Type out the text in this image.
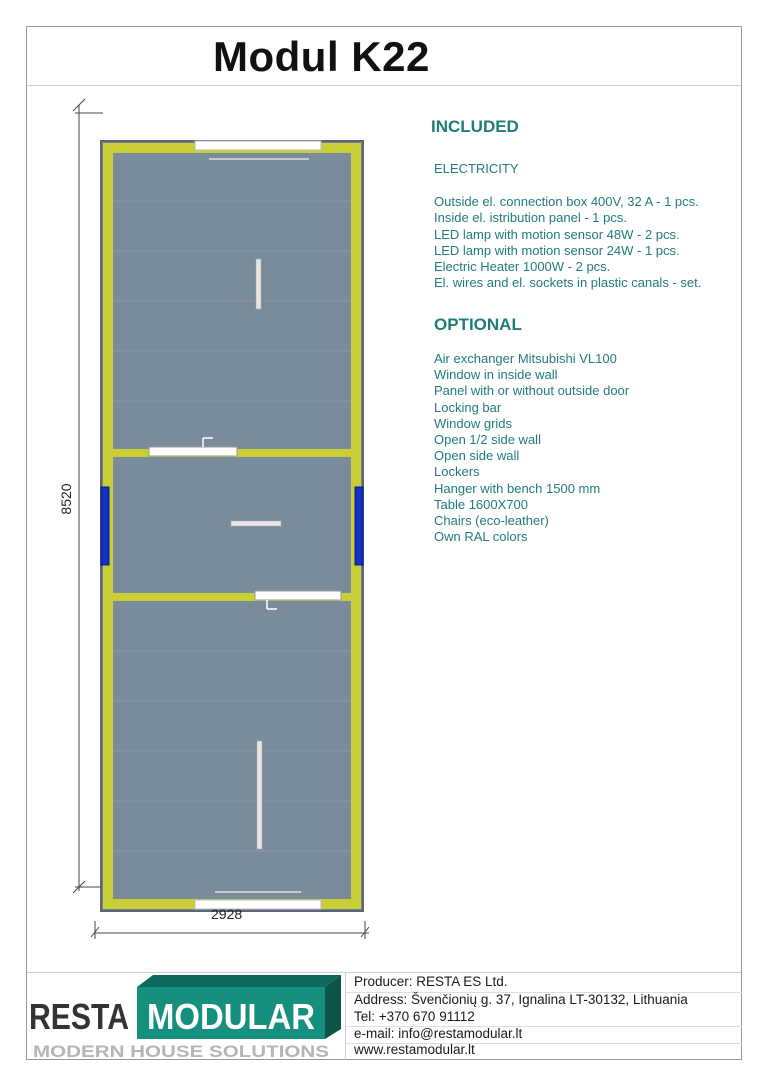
Modul K22
8520
2928
INCLUDED
ELECTRICITY
Outside el. connection box 400V, 32 A - 1 pcs.
Inside el. istribution panel - 1 pcs.
LED lamp with motion sensor 48W - 2 pcs.
LED lamp with motion sensor 24W - 1 pcs.
Electric Heater 1000W - 2 pcs.
El. wires and el. sockets in plastic canals - set.
OPTIONAL
Air exchanger Mitsubishi VL100
Window in inside wall
Panel with or without outside door
Locking bar
Window grids
Open 1/2 side wall
Open side wall
Lockers
Hanger with bench 1500 mm
Table 1600X700
Chairs (eco-leather)
Own RAL colors
RESTA MODULAR
MODERN HOUSE SOLUTIONS
Producer: RESTA ES Ltd.
Address: Švenčionių g. 37, Ignalina LT-30132, Lithuania
Tel: +370 670 91112
e-mail: info@restamodular.lt
www.restamodular.lt
